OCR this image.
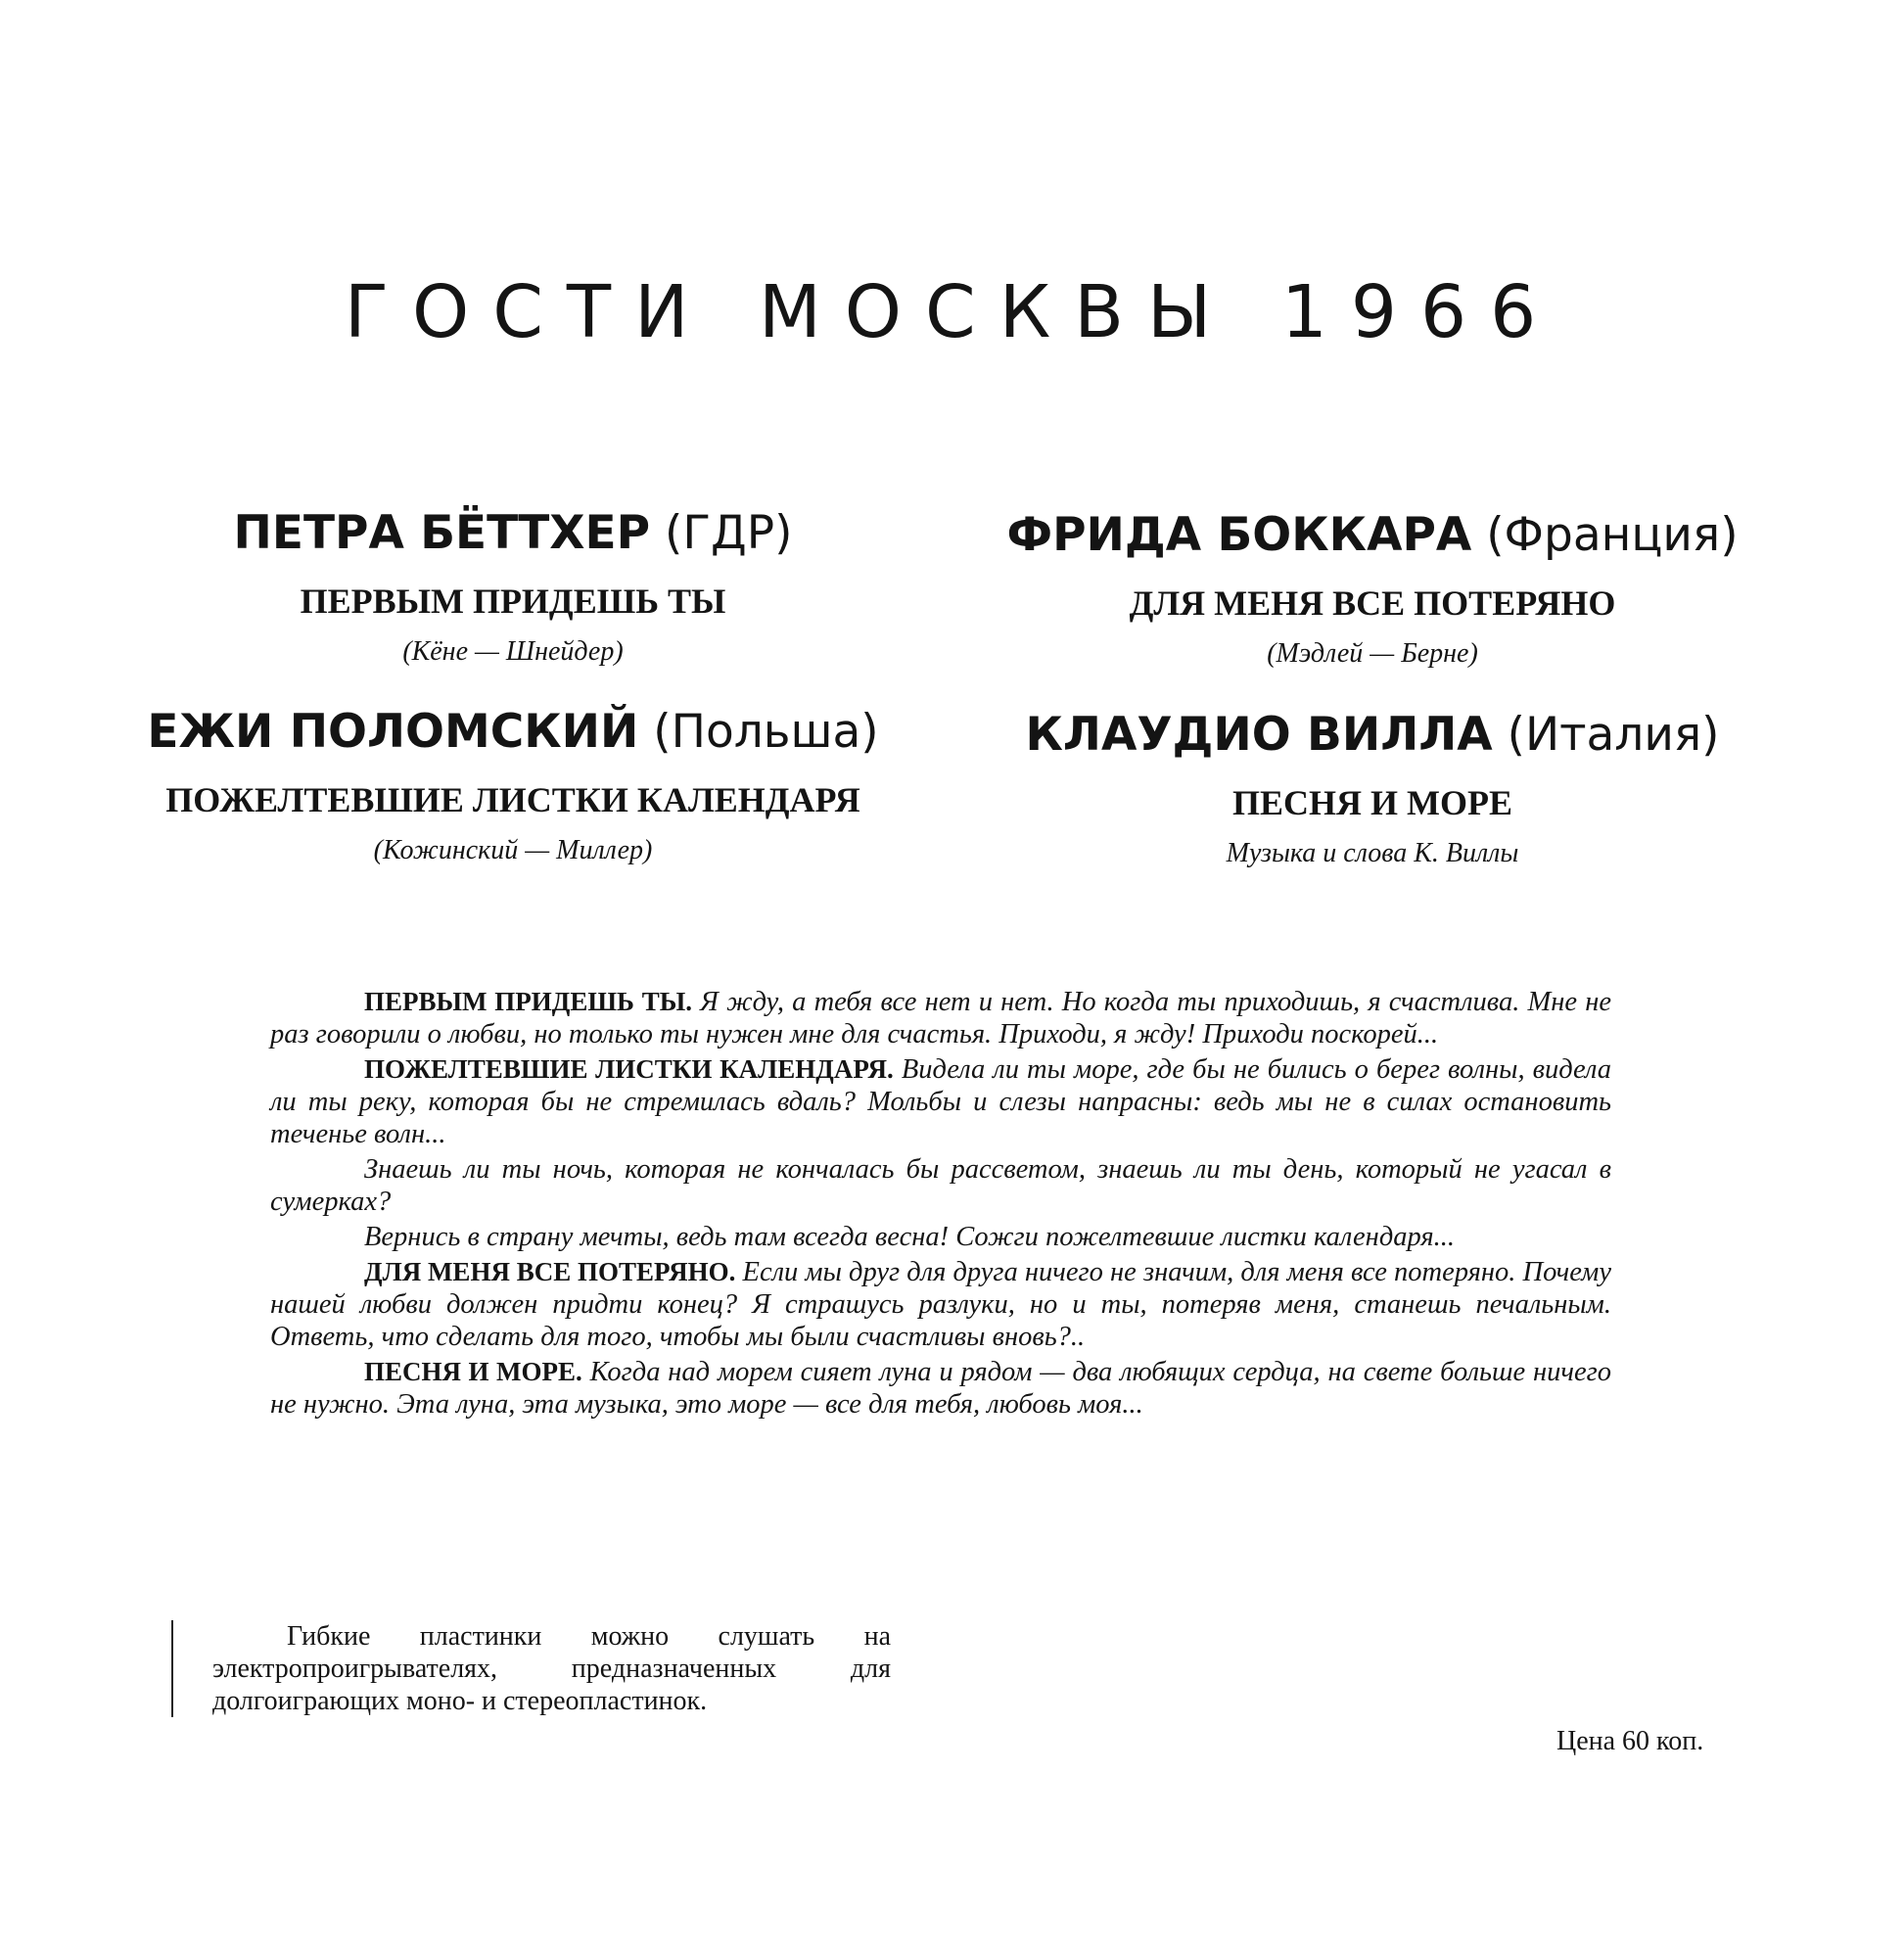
ГОСТИ МОСКВЫ 1966
ПЕТРА БЁТТХЕР (ГДР)
ПЕРВЫМ ПРИДЕШЬ ТЫ
(Кёне — Шнейдер)
ФРИДА БОККАРА (Франция)
ДЛЯ МЕНЯ ВСЕ ПОТЕРЯНО
(Мэдлей — Берне)
ЕЖИ ПОЛОМСКИЙ (Польша)
ПОЖЕЛТЕВШИЕ ЛИСТКИ КАЛЕНДАРЯ
(Кожинский — Миллер)
КЛАУДИО ВИЛЛА (Италия)
ПЕСНЯ И МОРЕ
Музыка и слова К. Виллы

ПЕРВЫМ ПРИДЕШЬ ТЫ. Я жду, а тебя все нет и нет. Но когда ты приходишь, я счастлива. Мне не раз говорили о любви, но только ты нужен мне для счастья. Приходи, я жду! Приходи поскорей...

ПОЖЕЛТЕВШИЕ ЛИСТКИ КАЛЕНДАРЯ. Видела ли ты море, где бы не бились о берег волны, видела ли ты реку, которая бы не стремилась вдаль? Мольбы и слезы напрасны: ведь мы не в силах остановить теченье волн...

Знаешь ли ты ночь, которая не кончалась бы рассветом, знаешь ли ты день, который не угасал в сумерках?

Вернись в страну мечты, ведь там всегда весна! Сожги пожелтевшие листки календаря...

ДЛЯ МЕНЯ ВСЕ ПОТЕРЯНО. Если мы друг для друга ничего не значим, для меня все потеряно. Почему нашей любви должен придти конец? Я страшусь разлуки, но и ты, потеряв меня, станешь печальным. Ответь, что сделать для того, чтобы мы были счастливы вновь?..

ПЕСНЯ И МОРЕ. Когда над морем сияет луна и рядом — два любящих сердца, на свете больше ничего не нужно. Эта луна, эта музыка, это море — все для тебя, любовь моя...

Гибкие пластинки можно слушать на электропроигрывателях, предназначенных для долгоиграющих моно- и стереопластинок.

Цена 60 коп.
